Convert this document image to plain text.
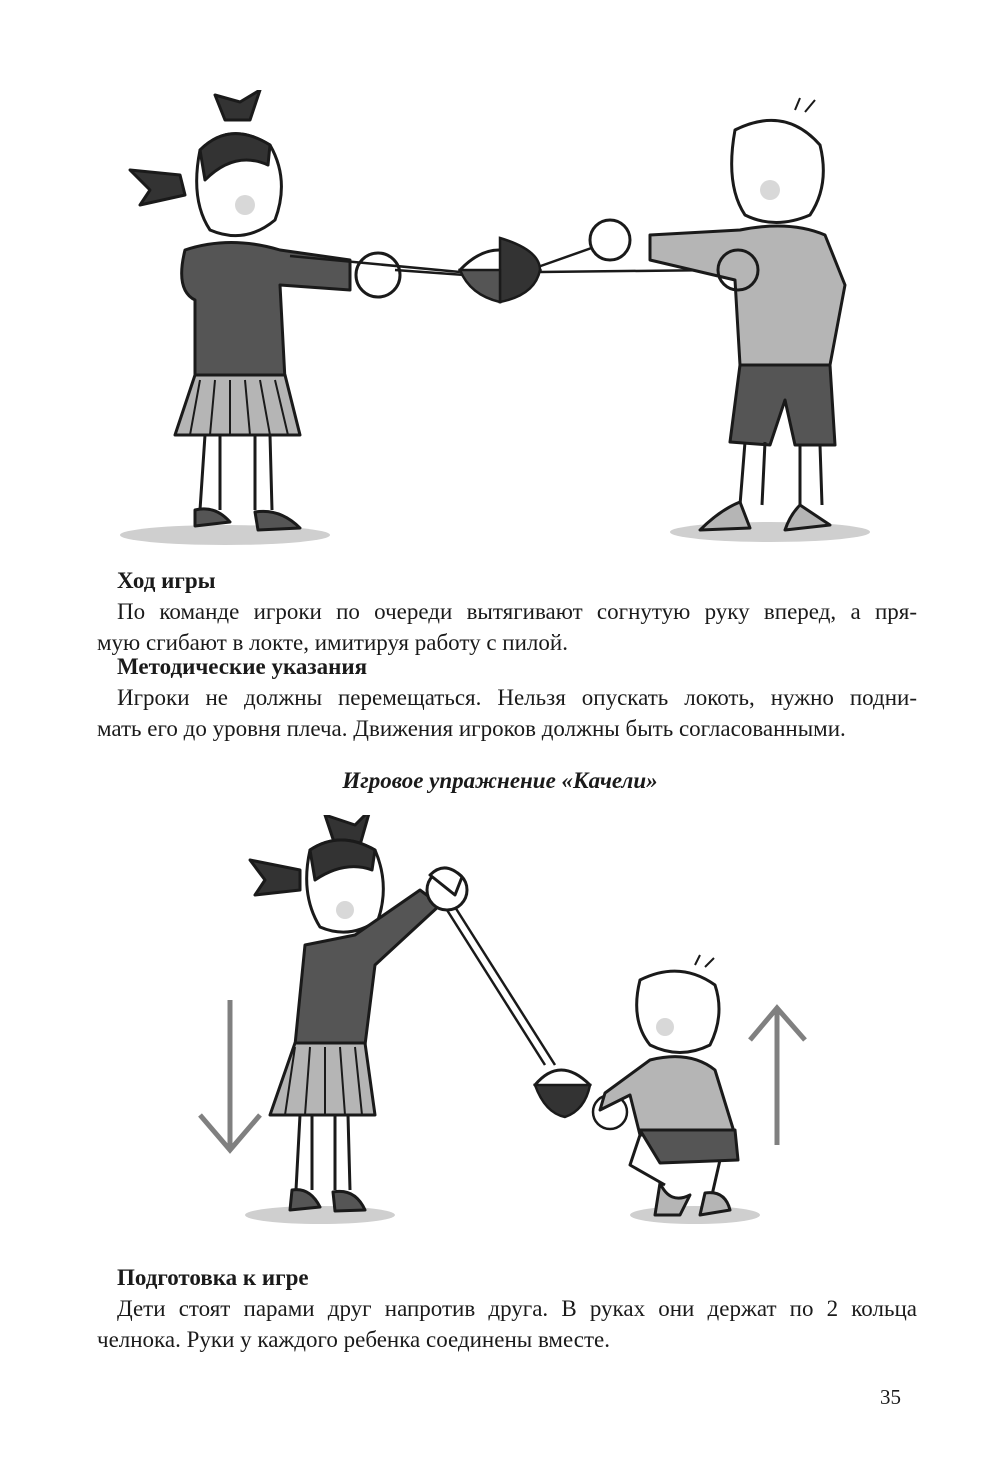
Ход игры
По команде игроки по очереди вытягивают согнутую руку вперед, а пря-
мую сгибают в локте, имитируя работу с пилой.
Методические указания
Игроки не должны перемещаться. Нельзя опускать локоть, нужно подни-
мать его до уровня плеча. Движения игроков должны быть согласованными.
Игровое упражнение «Качели»
Подготовка к игре
Дети стоят парами друг напротив друга. В руках они держат по 2 кольца
челнока. Руки у каждого ребенка соединены вместе.
35
